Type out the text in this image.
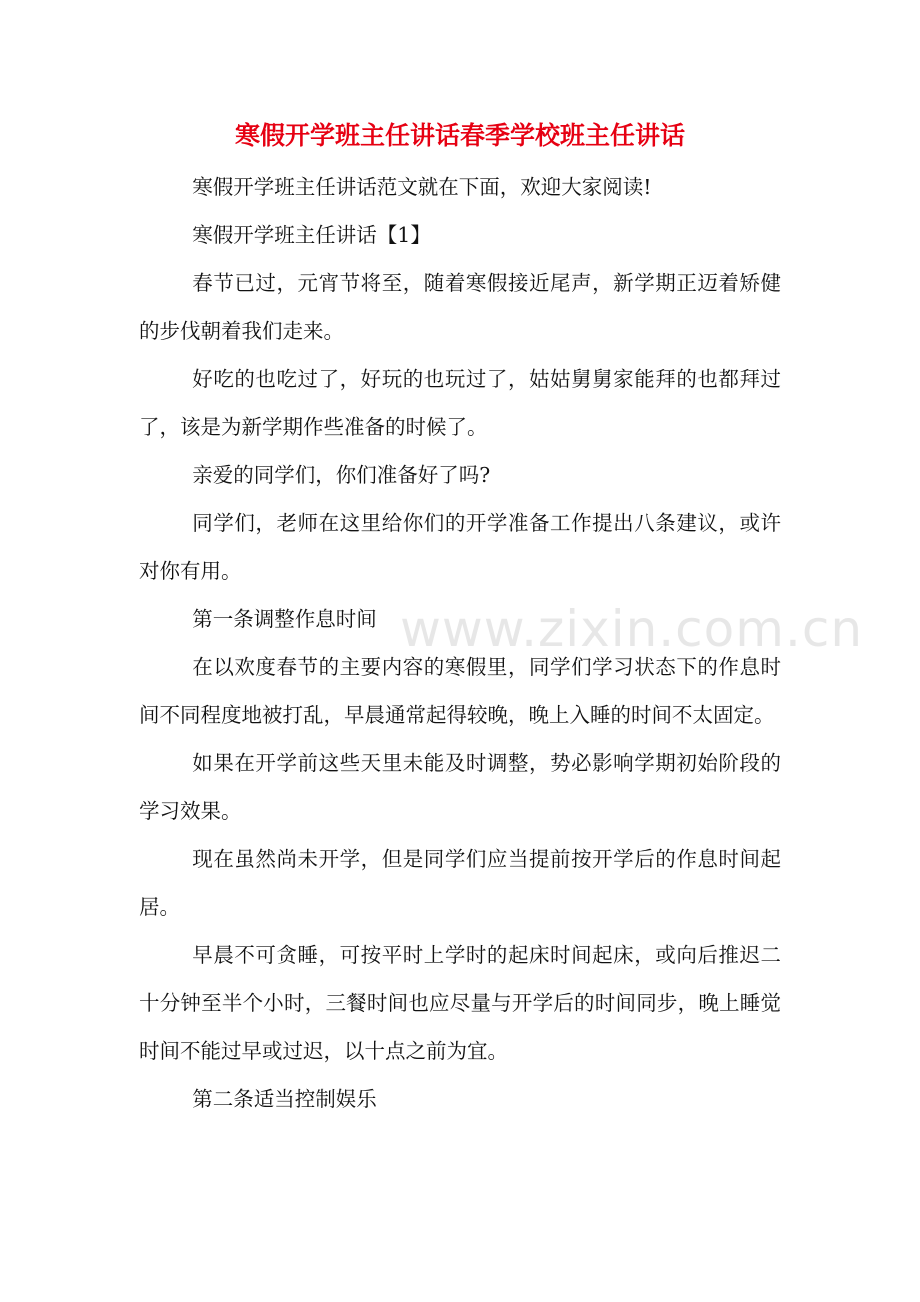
寒假开学班主任讲话春季学校班主任讲话

寒假开学班主任讲话范文就在下面，欢迎大家阅读!

寒假开学班主任讲话【1】

春节已过，元宵节将至，随着寒假接近尾声，新学期正迈着矫健的步伐朝着我们走来。

好吃的也吃过了，好玩的也玩过了，姑姑舅舅家能拜的也都拜过了，该是为新学期作些准备的时候了。

亲爱的同学们，你们准备好了吗?

同学们，老师在这里给你们的开学准备工作提出八条建议，或许对你有用。

第一条调整作息时间

在以欢度春节的主要内容的寒假里，同学们学习状态下的作息时间不同程度地被打乱，早晨通常起得较晚，晚上入睡的时间不太固定。

如果在开学前这些天里未能及时调整，势必影响学期初始阶段的学习效果。

现在虽然尚未开学，但是同学们应当提前按开学后的作息时间起居。

早晨不可贪睡，可按平时上学时的起床时间起床，或向后推迟二十分钟至半个小时，三餐时间也应尽量与开学后的时间同步，晚上睡觉时间不能过早或过迟，以十点之前为宜。

第二条适当控制娱乐

www.zixin.com.cn
